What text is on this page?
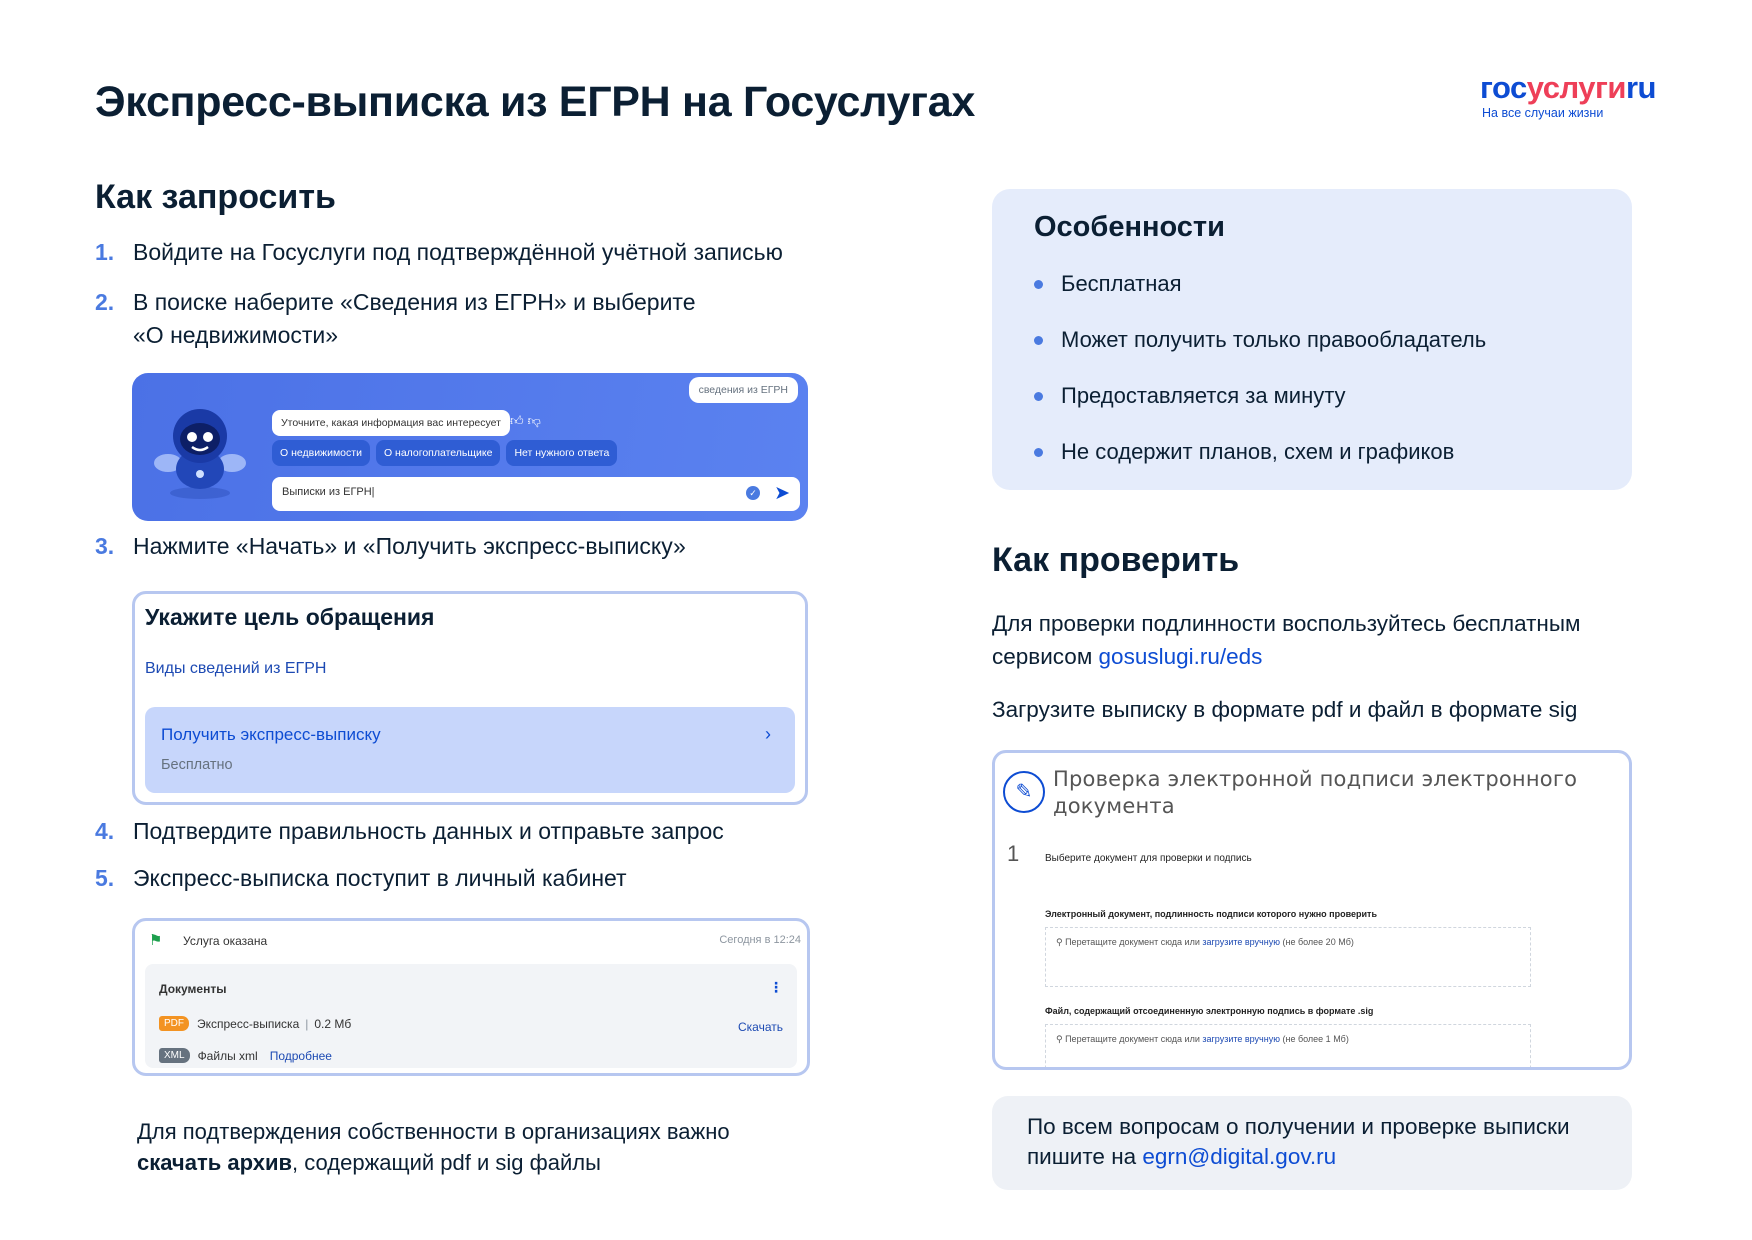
Экспресс-выписка из ЕГРН на Госуслугах	госуслугиru
На все случаи жизни
Как запросить
1. Войдите на Госуслуги под подтверждённой учётной записью
2. В поиске наберите «Сведения из ЕГРН» и выберите
«О недвижимости»
сведения из ЕГРН
Уточните, какая информация вас интересует 👍︎👎︎
О недвижимости	О налогоплательщике	Нет нужного ответа
Выписки из ЕГРН|	✓ ➤
3. Нажмите «Начать» и «Получить экспресс-выписку»
Укажите цель обращения
Виды сведений из ЕГРН
Получить экспресс-выписку
Бесплатно
›
4. Подтвердите правильность данных и отправьте запрос
5. Экспресс-выписка поступит в личный кабинет
⚑ Услуга оказана	Сегодня в 12:24
Документы	⋮
PDF	Экспресс-выписка | 0.2 Мб	Скачать
XML	Файлы xml Подробнее
Для подтверждения собственности в организациях важно
скачать архив, содержащий pdf и sig файлы
Особенности
Бесплатная
Может получить только правообладатель
Предоставляется за минуту
Не содержит планов, схем и графиков
Как проверить

Для проверки подлинности воспользуйтесь бесплатным
сервисом gosuslugi.ru/eds

Загрузите выписку в формате pdf и файл в формате sig

✎
Проверка электронной подписи электронного документа
1	Выберите документ для проверки и подпись
Электронный документ, подлинность подписи которого нужно проверить
⚲ Перетащите документ сюда или загрузите вручную (не более 20 Мб)
Файл, содержащий отсоединенную электронную подпись в формате .sig
⚲ Перетащите документ сюда или загрузите вручную (не более 1 Мб)
По всем вопросам о получении и проверке выписки
пишите на egrn@digital.gov.ru
